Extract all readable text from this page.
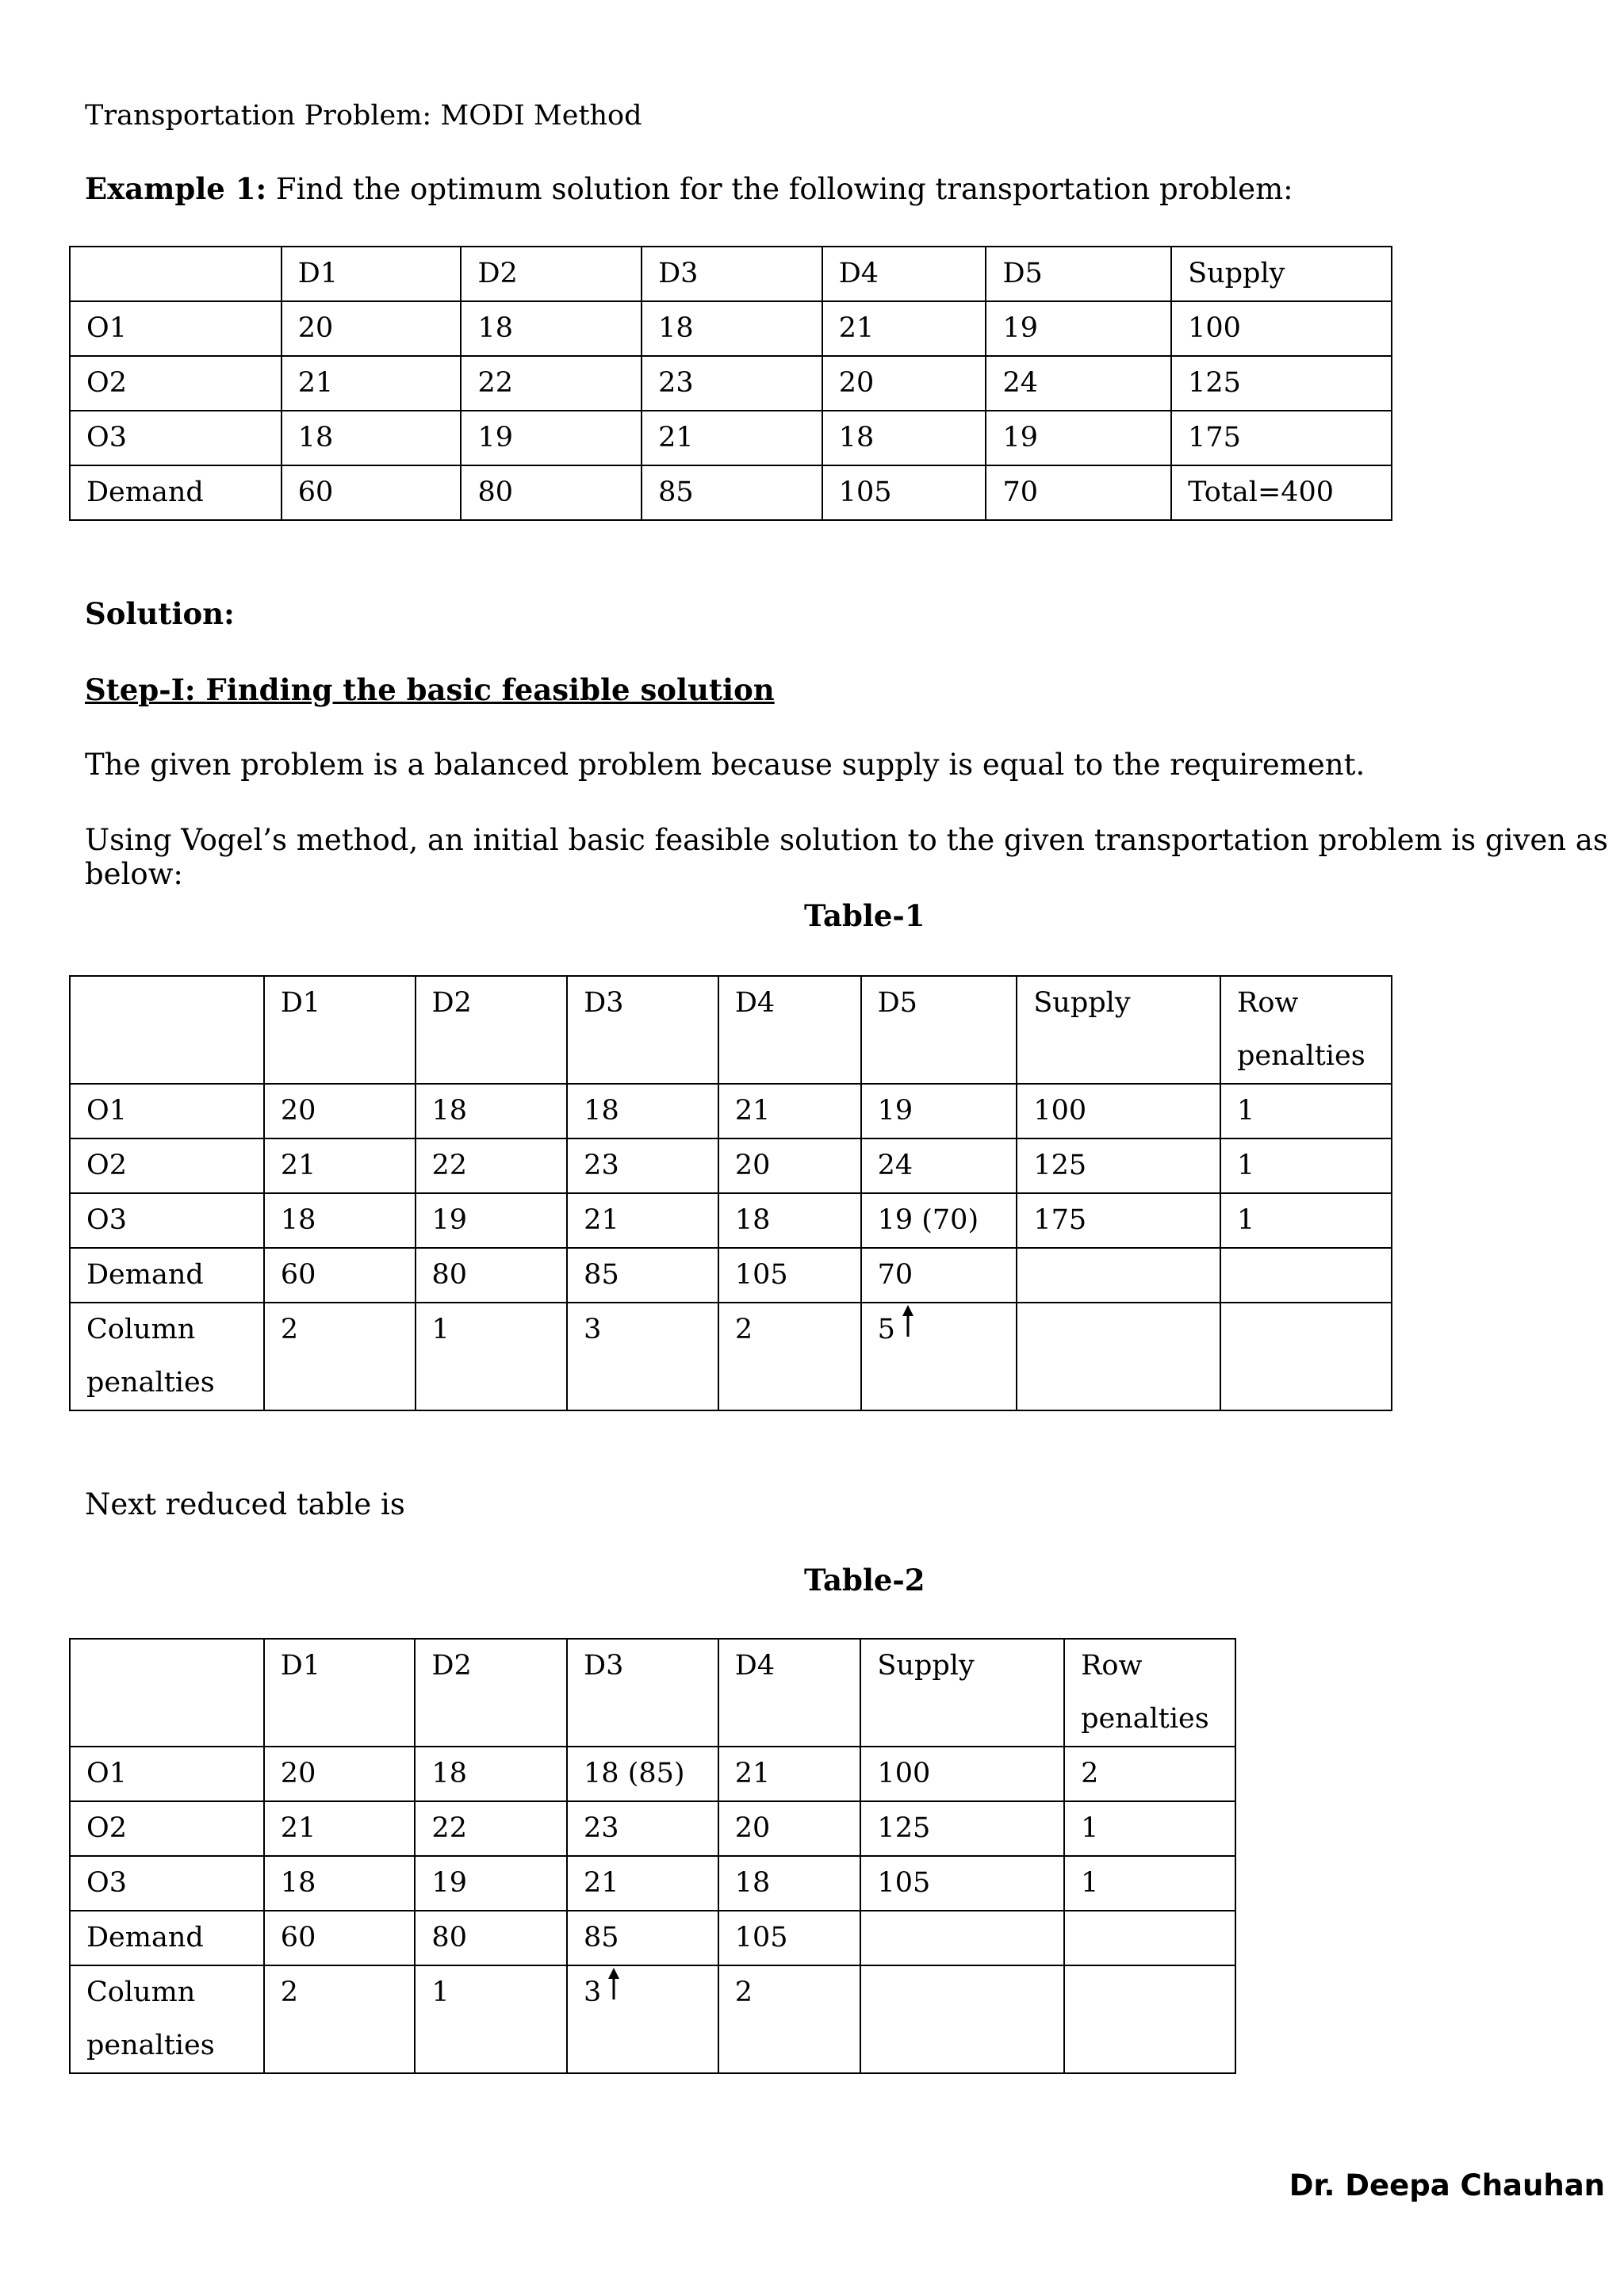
Transportation Problem: MODI Method
Example 1: Find the optimum solution for the following transportation problem:
	D1	D2	D3	D4	D5	Supply
O1	20	18	18	21	19	100
O2	21	22	23	20	24	125
O3	18	19	21	18	19	175
Demand	60	80	85	105	70	Total=400
Solution:
Step-I: Finding the basic feasible solution
The given problem is a balanced problem because supply is equal to the requirement.
Using Vogel’s method, an initial basic feasible solution to the given transportation problem is given as below:
Table-1
	D1	D2	D3	D4	D5	Supply	Row
penalties
O1	20	18	18	21	19	100	1
O2	21	22	23	20	24	125	1
O3	18	19	21	18	19 (70)	175	1
Demand	60	80	85	105	70		
Column
penalties	2	1	3	2	5		
Next reduced table is
Table-2
	D1	D2	D3	D4	Supply	Row
penalties
O1	20	18	18 (85)	21	100	2
O2	21	22	23	20	125	1
O3	18	19	21	18	105	1
Demand	60	80	85	105		
Column
penalties	2	1	3	2		
Dr. Deepa Chauhan
